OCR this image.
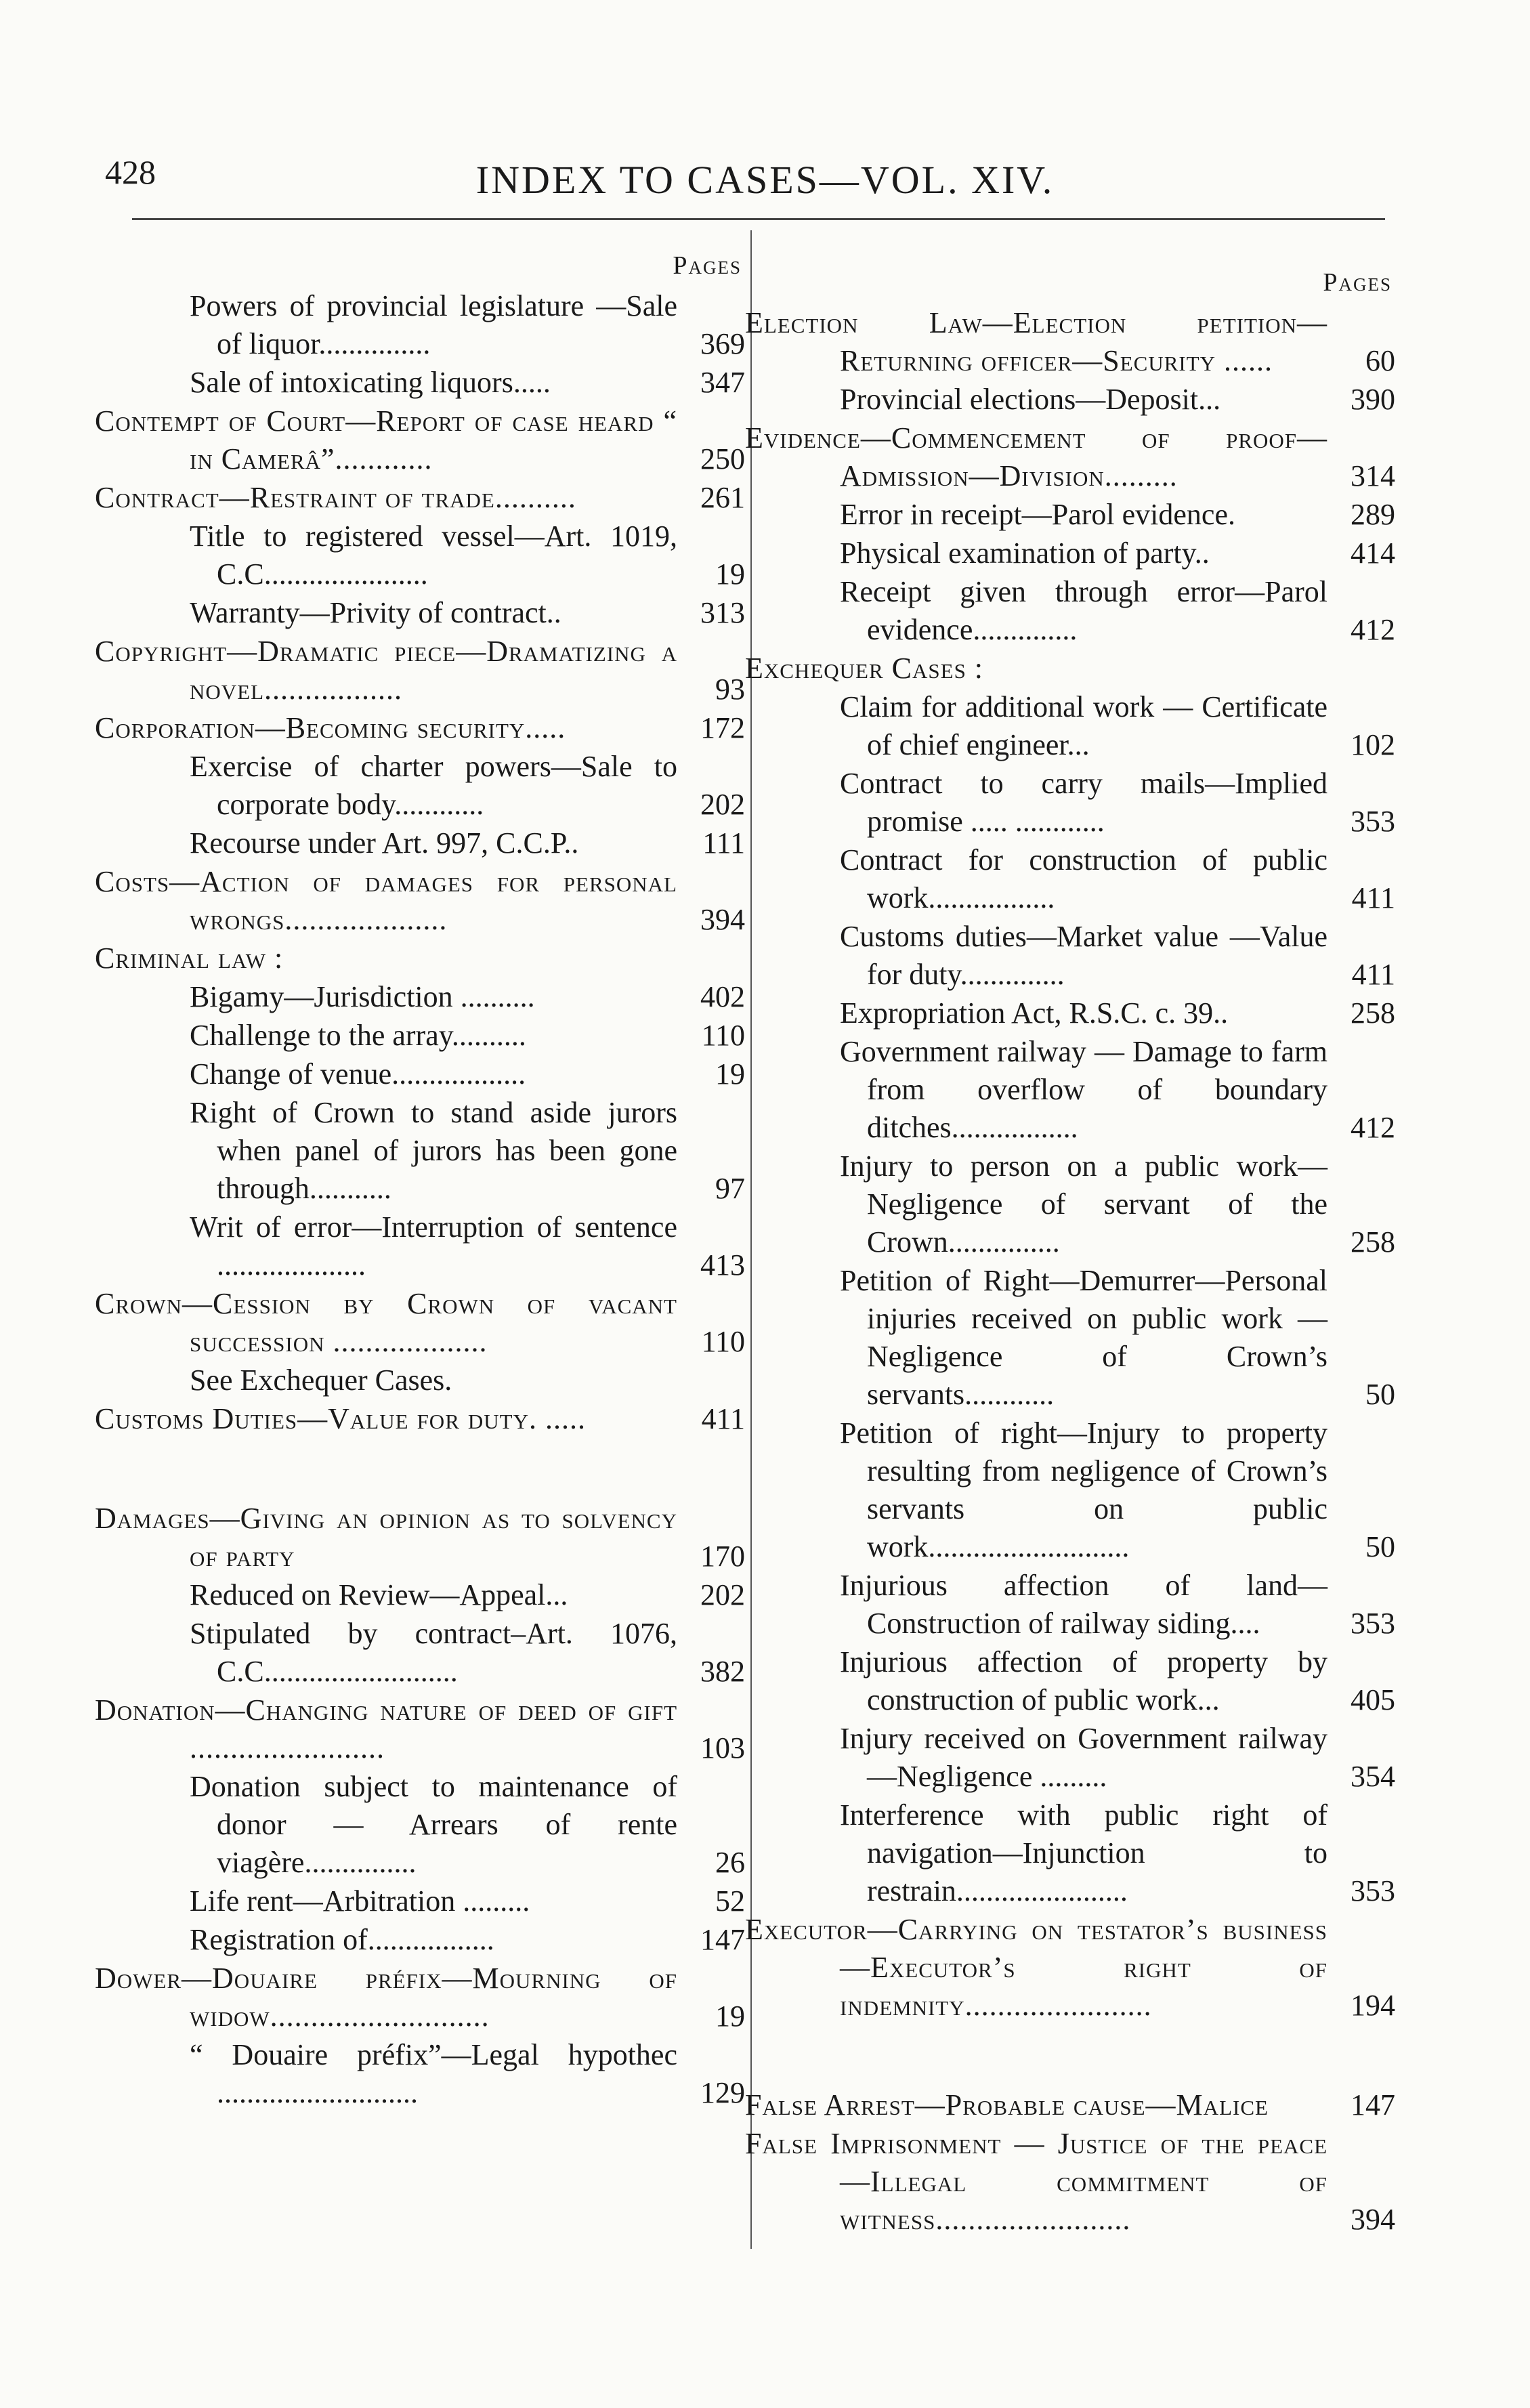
428	INDEX TO CASES—VOL. XIV.
Pages
Powers of provincial legislature —Sale of liquor...............	369
Sale of intoxicating liquors.....	347
Contempt of Court—Report of case heard “ in Camerâ”............	250
Contract—Restraint of trade..........	261
Title to registered vessel—Art. 1019, C.C......................	19
Warranty—Privity of contract..	313
Copyright—Dramatic piece—Dramatizing a novel.................	93
Corporation—Becoming security.....	172
Exercise of charter powers—Sale to corporate body............	202
Recourse under Art. 997, C.C.P..	111
Costs—Action of damages for personal wrongs....................	394
Criminal law :
Bigamy—Jurisdiction ..........	402
Challenge to the array..........	110
Change of venue..................	19
Right of Crown to stand aside jurors when panel of jurors has been gone through...........	97
Writ of error—Interruption of sentence ....................	413
Crown—Cession by Crown of vacant succession ...................	110
See Exchequer Cases.
Customs Duties—Value for duty. .....	411
Damages—Giving an opinion as to solvency of party	170
Reduced on Review—Appeal...	202
Stipulated by contract–Art. 1076, C.C..........................	382
Donation—Changing nature of deed of gift ........................	103
Donation subject to maintenance of donor — Arrears of rente viagère...............	26
Life rent—Arbitration .........	52
Registration of.................	147
Dower—Douaire préfix—Mourning of widow...........................	19
“ Douaire préfix”—Legal hypothec ...........................	129
Pages
Election Law—Election petition—Returning officer—Security ......	60
Provincial elections—Deposit...	390
Evidence—Commencement of proof—Admission—Division.........	314
Error in receipt—Parol evidence.	289
Physical examination of party..	414
Receipt given through error—Parol evidence..............	412
Exchequer Cases :
Claim for additional work — Certificate of chief engineer...	102
Contract to carry mails—Implied promise ..... ............	353
Contract for construction of public work.................	411
Customs duties—Market value —Value for duty..............	411
Expropriation Act, R.S.C. c. 39..	258
Government railway — Damage to farm from overflow of boundary ditches.................	412
Injury to person on a public work—Negligence of servant of the Crown...............	258
Petition of Right—Demurrer—Personal injuries received on public work — Negligence of Crown’s servants............	50
Petition of right—Injury to property resulting from negligence of Crown’s servants on public work...........................	50
Injurious affection of land—Construction of railway siding....	353
Injurious affection of property by construction of public work...	405
Injury received on Government railway—Negligence .........	354
Interference with public right of navigation—Injunction to restrain.......................	353
Executor—Carrying on testator’s business—Executor’s right of indemnity.......................	194
False Arrest—Probable cause—Malice	147
False Imprisonment — Justice of the peace—Illegal commitment of witness........................	394
